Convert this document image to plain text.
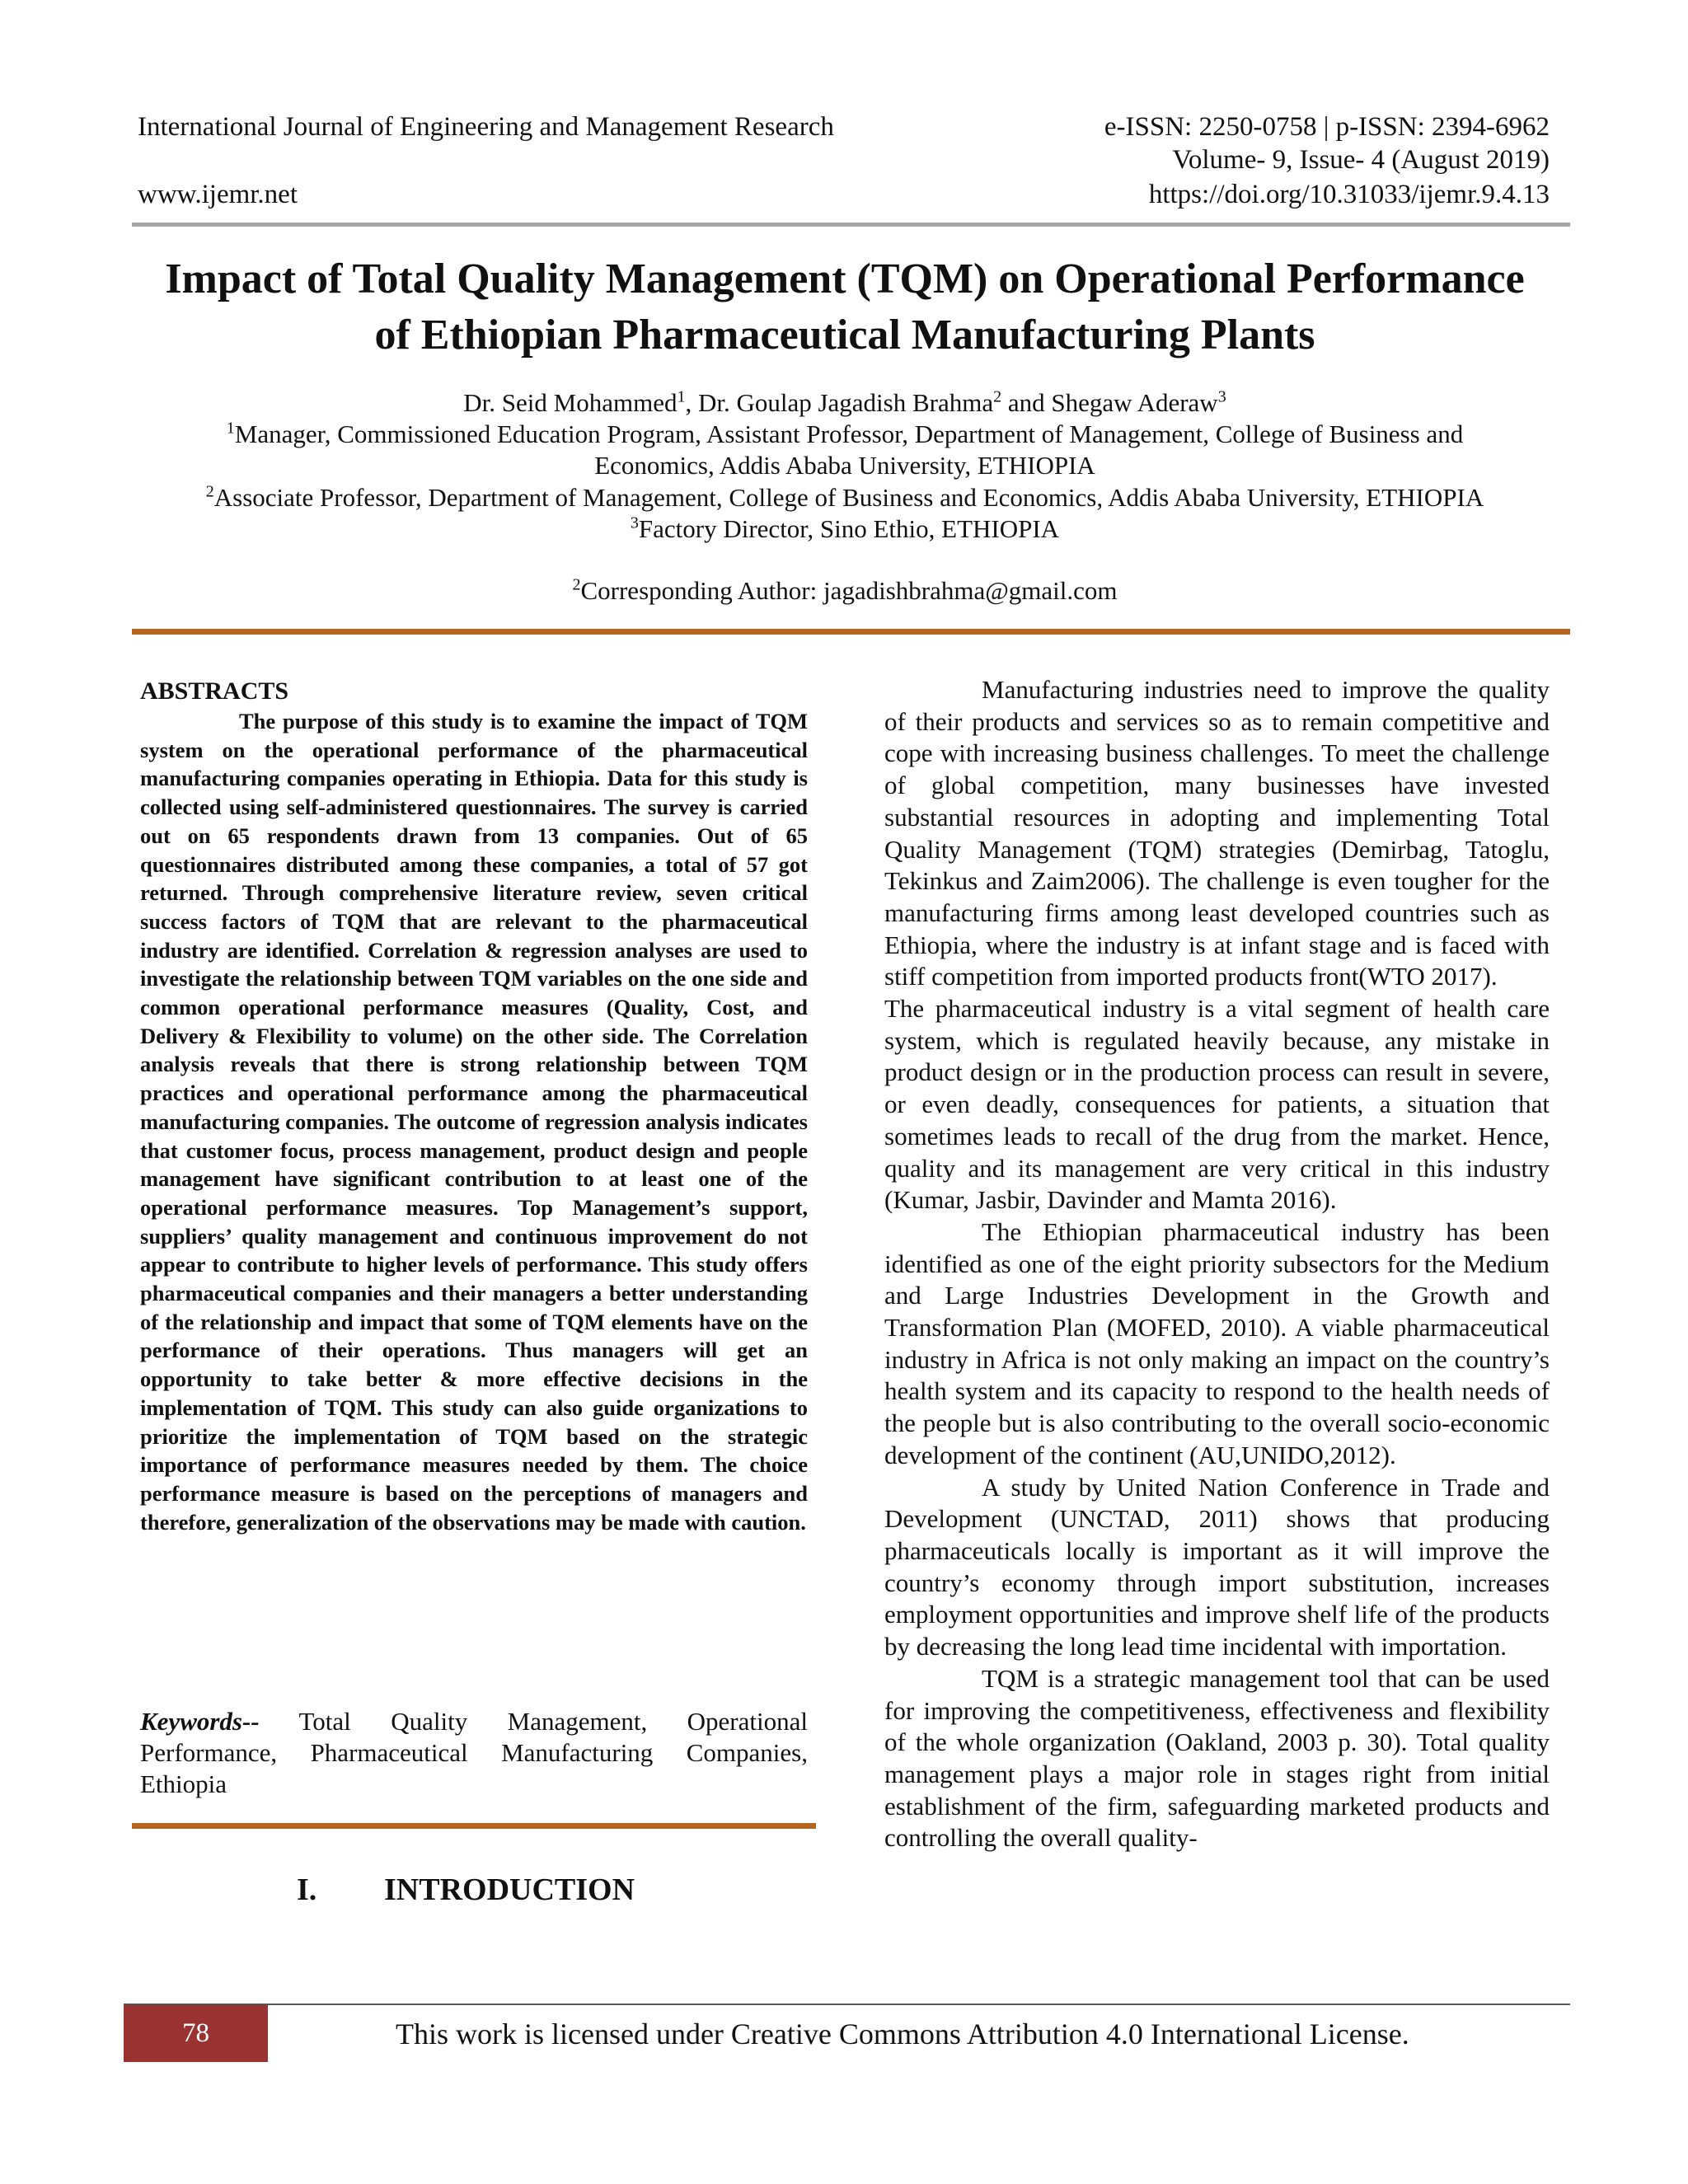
International Journal of Engineering and Management Research	e-ISSN: 2250-0758 | p-ISSN: 2394-6962
Volume- 9, Issue- 4 (August 2019)
www.ijemr.net	https://doi.org/10.31033/ijemr.9.4.13
Impact of Total Quality Management (TQM) on Operational Performance
of Ethiopian Pharmaceutical Manufacturing Plants
Dr. Seid Mohammed$^1$, Dr. Goulap Jagadish Brahma$^2$ and Shegaw Aderaw$^3$
$^1$Manager, Commissioned Education Program, Assistant Professor, Department of Management, College of Business and
Economics, Addis Ababa University, ETHIOPIA
$^2$Associate Professor, Department of Management, College of Business and Economics, Addis Ababa University, ETHIOPIA
$^3$Factory Director, Sino Ethio, ETHIOPIA
$^2$Corresponding Author: jagadishbrahma@gmail.com
ABSTRACTS

The purpose of this study is to examine the impact of TQM system on the operational performance of the pharmaceutical manufacturing companies operating in Ethiopia. Data for this study is collected using self-administered questionnaires. The survey is carried out on 65 respondents drawn from 13 companies. Out of 65 questionnaires distributed among these companies, a total of 57 got returned. Through comprehensive literature review, seven critical success factors of TQM that are relevant to the pharmaceutical industry are identified. Correlation & regression analyses are used to investigate the relationship between TQM variables on the one side and common operational performance measures (Quality, Cost, and Delivery & Flexibility to volume) on the other side. The Correlation analysis reveals that there is strong relationship between TQM practices and operational performance among the pharmaceutical manufacturing companies. The outcome of regression analysis indicates that customer focus, process management, product design and people management have significant contribution to at least one of the operational performance measures. Top Management’s support, suppliers’ quality management and continuous improvement do not appear to contribute to higher levels of performance. This study offers pharmaceutical companies and their managers a better understanding of the relationship and impact that some of TQM elements have on the performance of their operations. Thus managers will get an opportunity to take better & more effective decisions in the implementation of TQM. This study can also guide organizations to prioritize the implementation of TQM based on the strategic importance of performance measures needed by them. The choice performance measure is based on the perceptions of managers and therefore, generalization of the observations may be made with caution.

Keywords-- Total Quality Management, Operational Performance, Pharmaceutical Manufacturing Companies, Ethiopia

I. INTRODUCTION

Manufacturing industries need to improve the quality of their products and services so as to remain competitive and cope with increasing business challenges. To meet the challenge of global competition, many businesses have invested substantial resources in adopting and implementing Total Quality Management (TQM) strategies (Demirbag, Tatoglu, Tekinkus and Zaim2006). The challenge is even tougher for the manufacturing firms among least developed countries such as Ethiopia, where the industry is at infant stage and is faced with stiff competition from imported products front(WTO 2017).

The pharmaceutical industry is a vital segment of health care system, which is regulated heavily because, any mistake in product design or in the production process can result in severe, or even deadly, consequences for patients, a situation that sometimes leads to recall of the drug from the market. Hence, quality and its management are very critical in this industry (Kumar, Jasbir, Davinder and Mamta 2016).

The Ethiopian pharmaceutical industry has been identified as one of the eight priority subsectors for the Medium and Large Industries Development in the Growth and Transformation Plan (MOFED, 2010). A viable pharmaceutical industry in Africa is not only making an impact on the country’s health system and its capacity to respond to the health needs of the people but is also contributing to the overall socio-economic development of the continent (AU,UNIDO,2012).

A study by United Nation Conference in Trade and Development (UNCTAD, 2011) shows that producing pharmaceuticals locally is important as it will improve the country’s economy through import substitution, increases employment opportunities and improve shelf life of the products by decreasing the long lead time incidental with importation.

TQM is a strategic management tool that can be used for improving the competitiveness, effectiveness and flexibility of the whole organization (Oakland, 2003 p. 30). Total quality management plays a major role in stages right from initial establishment of the firm, safeguarding marketed products and controlling the overall quality-

78	This work is licensed under Creative Commons Attribution 4.0 International License.
